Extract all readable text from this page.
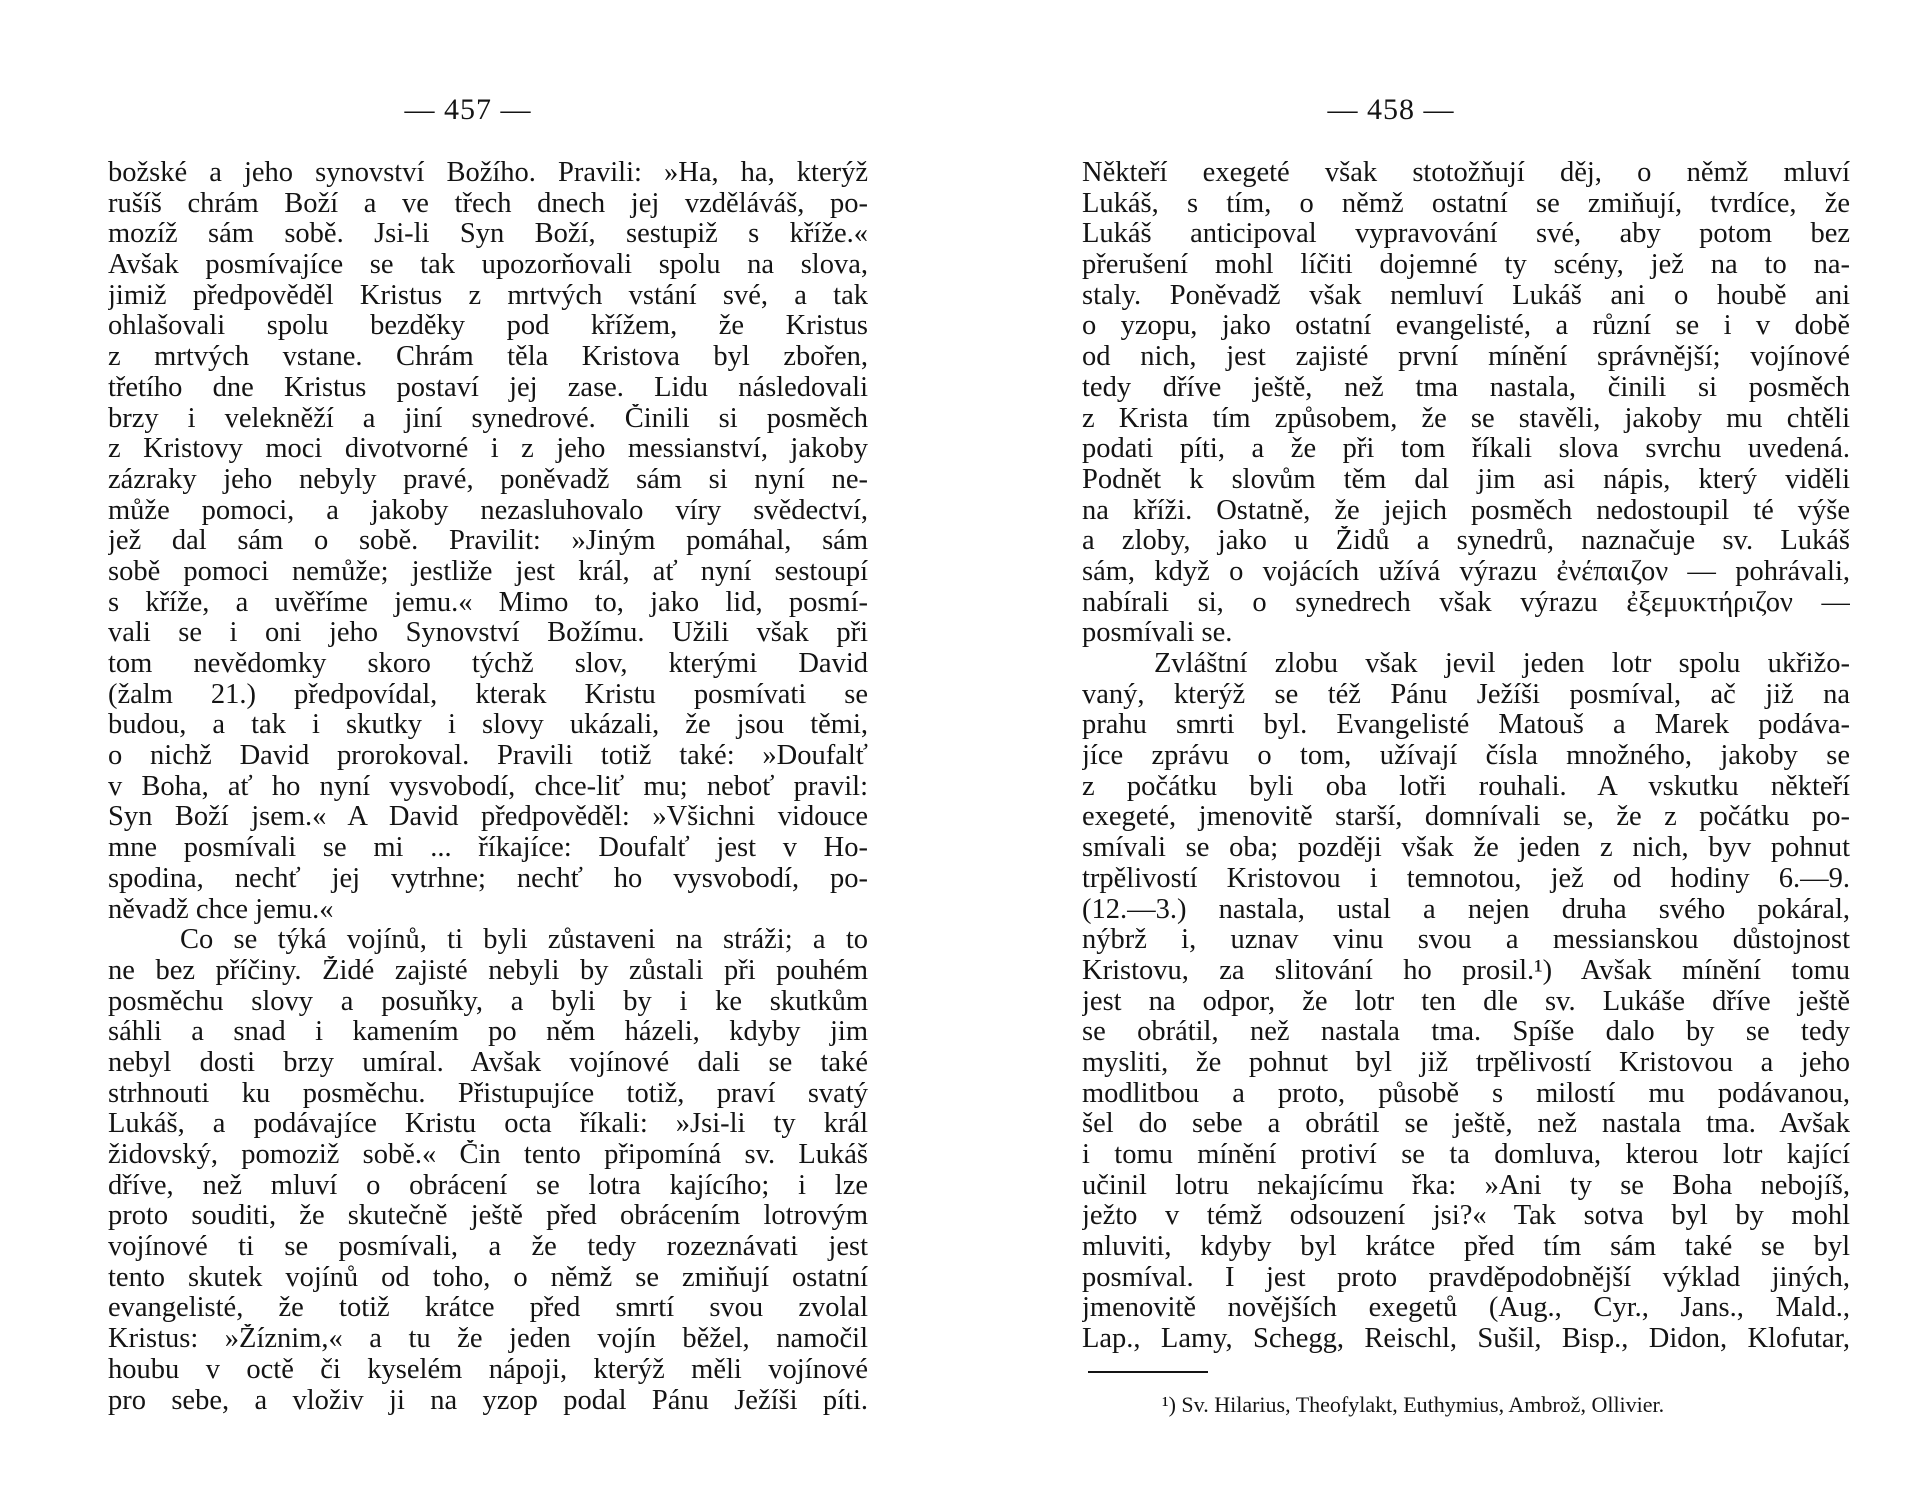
— 457 —
božské a jeho synovství Božího. Pravili: »Ha, ha, kterýž
rušíš chrám Boží a ve třech dnech jej vzděláváš, po-
mozíž sám sobě. Jsi-li Syn Boží, sestupiž s kříže.«
Avšak posmívajíce se tak upozorňovali spolu na slova,
jimiž předpověděl Kristus z mrtvých vstání své, a tak
ohlašovali spolu bezděky pod křížem, že Kristus
z mrtvých vstane. Chrám těla Kristova byl zbořen,
třetího dne Kristus postaví jej zase. Lidu následovali
brzy i velekněží a jiní synedrové. Činili si posměch
z Kristovy moci divotvorné i z jeho messianství, jakoby
zázraky jeho nebyly pravé, poněvadž sám si nyní ne-
může pomoci, a jakoby nezasluhovalo víry svědectví,
jež dal sám o sobě. Pravilit: »Jiným pomáhal, sám
sobě pomoci nemůže; jestliže jest král, ať nyní sestoupí
s kříže, a uvěříme jemu.« Mimo to, jako lid, posmí-
vali se i oni jeho Synovství Božímu. Užili však při
tom nevědomky skoro týchž slov, kterými David
(žalm 21.) předpovídal, kterak Kristu posmívati se
budou, a tak i skutky i slovy ukázali, že jsou těmi,
o nichž David prorokoval. Pravili totiž také: »Doufalť
v Boha, ať ho nyní vysvobodí, chce-liť mu; neboť pravil:
Syn Boží jsem.« A David předpověděl: »Všichni vidouce
mne posmívali se mi ... říkajíce: Doufalť jest v Ho-
spodina, nechť jej vytrhne; nechť ho vysvobodí, po-
něvadž chce jemu.«
Co se týká vojínů, ti byli zůstaveni na stráži; a to
ne bez příčiny. Židé zajisté nebyli by zůstali při pouhém
posměchu slovy a posuňky, a byli by i ke skutkům
sáhli a snad i kamením po něm házeli, kdyby jim
nebyl dosti brzy umíral. Avšak vojínové dali se také
strhnouti ku posměchu. Přistupujíce totiž, praví svatý
Lukáš, a podávajíce Kristu octa říkali: »Jsi-li ty král
židovský, pomoziž sobě.« Čin tento připomíná sv. Lukáš
dříve, než mluví o obrácení se lotra kajícího; i lze
proto souditi, že skutečně ještě před obrácením lotrovým
vojínové ti se posmívali, a že tedy rozeznávati jest
tento skutek vojínů od toho, o němž se zmiňují ostatní
evangelisté, že totiž krátce před smrtí svou zvolal
Kristus: »Žíznim,« a tu že jeden vojín běžel, namočil
houbu v octě či kyselém nápoji, kterýž měli vojínové
pro sebe, a vloživ ji na yzop podal Pánu Ježíši píti.
— 458 —
Někteří exegeté však stotožňují děj, o němž mluví
Lukáš, s tím, o němž ostatní se zmiňují, tvrdíce, že
Lukáš anticipoval vypravování své, aby potom bez
přerušení mohl líčiti dojemné ty scény, jež na to na-
staly. Poněvadž však nemluví Lukáš ani o houbě ani
o yzopu, jako ostatní evangelisté, a různí se i v době
od nich, jest zajisté první mínění správnější; vojínové
tedy dříve ještě, než tma nastala, činili si posměch
z Krista tím způsobem, že se stavěli, jakoby mu chtěli
podati píti, a že při tom říkali slova svrchu uvedená.
Podnět k slovům těm dal jim asi nápis, který viděli
na kříži. Ostatně, že jejich posměch nedostoupil té výše
a zloby, jako u Židů a synedrů, naznačuje sv. Lukáš
sám, když o vojácích užívá výrazu ἐνέπαιζον — pohrávali,
nabírali si, o synedrech však výrazu ἐξεμυκτήριζον —
posmívali se.
Zvláštní zlobu však jevil jeden lotr spolu ukřižo-
vaný, kterýž se též Pánu Ježíši posmíval, ač již na
prahu smrti byl. Evangelisté Matouš a Marek podáva-
jíce zprávu o tom, užívají čísla množného, jakoby se
z počátku byli oba lotři rouhali. A vskutku někteří
exegeté, jmenovitě starší, domnívali se, že z počátku po-
smívali se oba; později však že jeden z nich, byv pohnut
trpělivostí Kristovou i temnotou, jež od hodiny 6.—9.
(12.—3.) nastala, ustal a nejen druha svého pokáral,
nýbrž i, uznav vinu svou a messianskou důstojnost
Kristovu, za slitování ho prosil.¹) Avšak mínění tomu
jest na odpor, že lotr ten dle sv. Lukáše dříve ještě
se obrátil, než nastala tma. Spíše dalo by se tedy
mysliti, že pohnut byl již trpělivostí Kristovou a jeho
modlitbou a proto, působě s milostí mu podávanou,
šel do sebe a obrátil se ještě, než nastala tma. Avšak
i tomu mínění protiví se ta domluva, kterou lotr kající
učinil lotru nekajícímu řka: »Ani ty se Boha nebojíš,
ježto v témž odsouzení jsi?« Tak sotva byl by mohl
mluviti, kdyby byl krátce před tím sám také se byl
posmíval. I jest proto pravděpodobnější výklad jiných,
jmenovitě novějších exegetů (Aug., Cyr., Jans., Mald.,
Lap., Lamy, Schegg, Reischl, Sušil, Bisp., Didon, Klofutar,
¹) Sv. Hilarius, Theofylakt, Euthymius, Ambrož, Ollivier.
